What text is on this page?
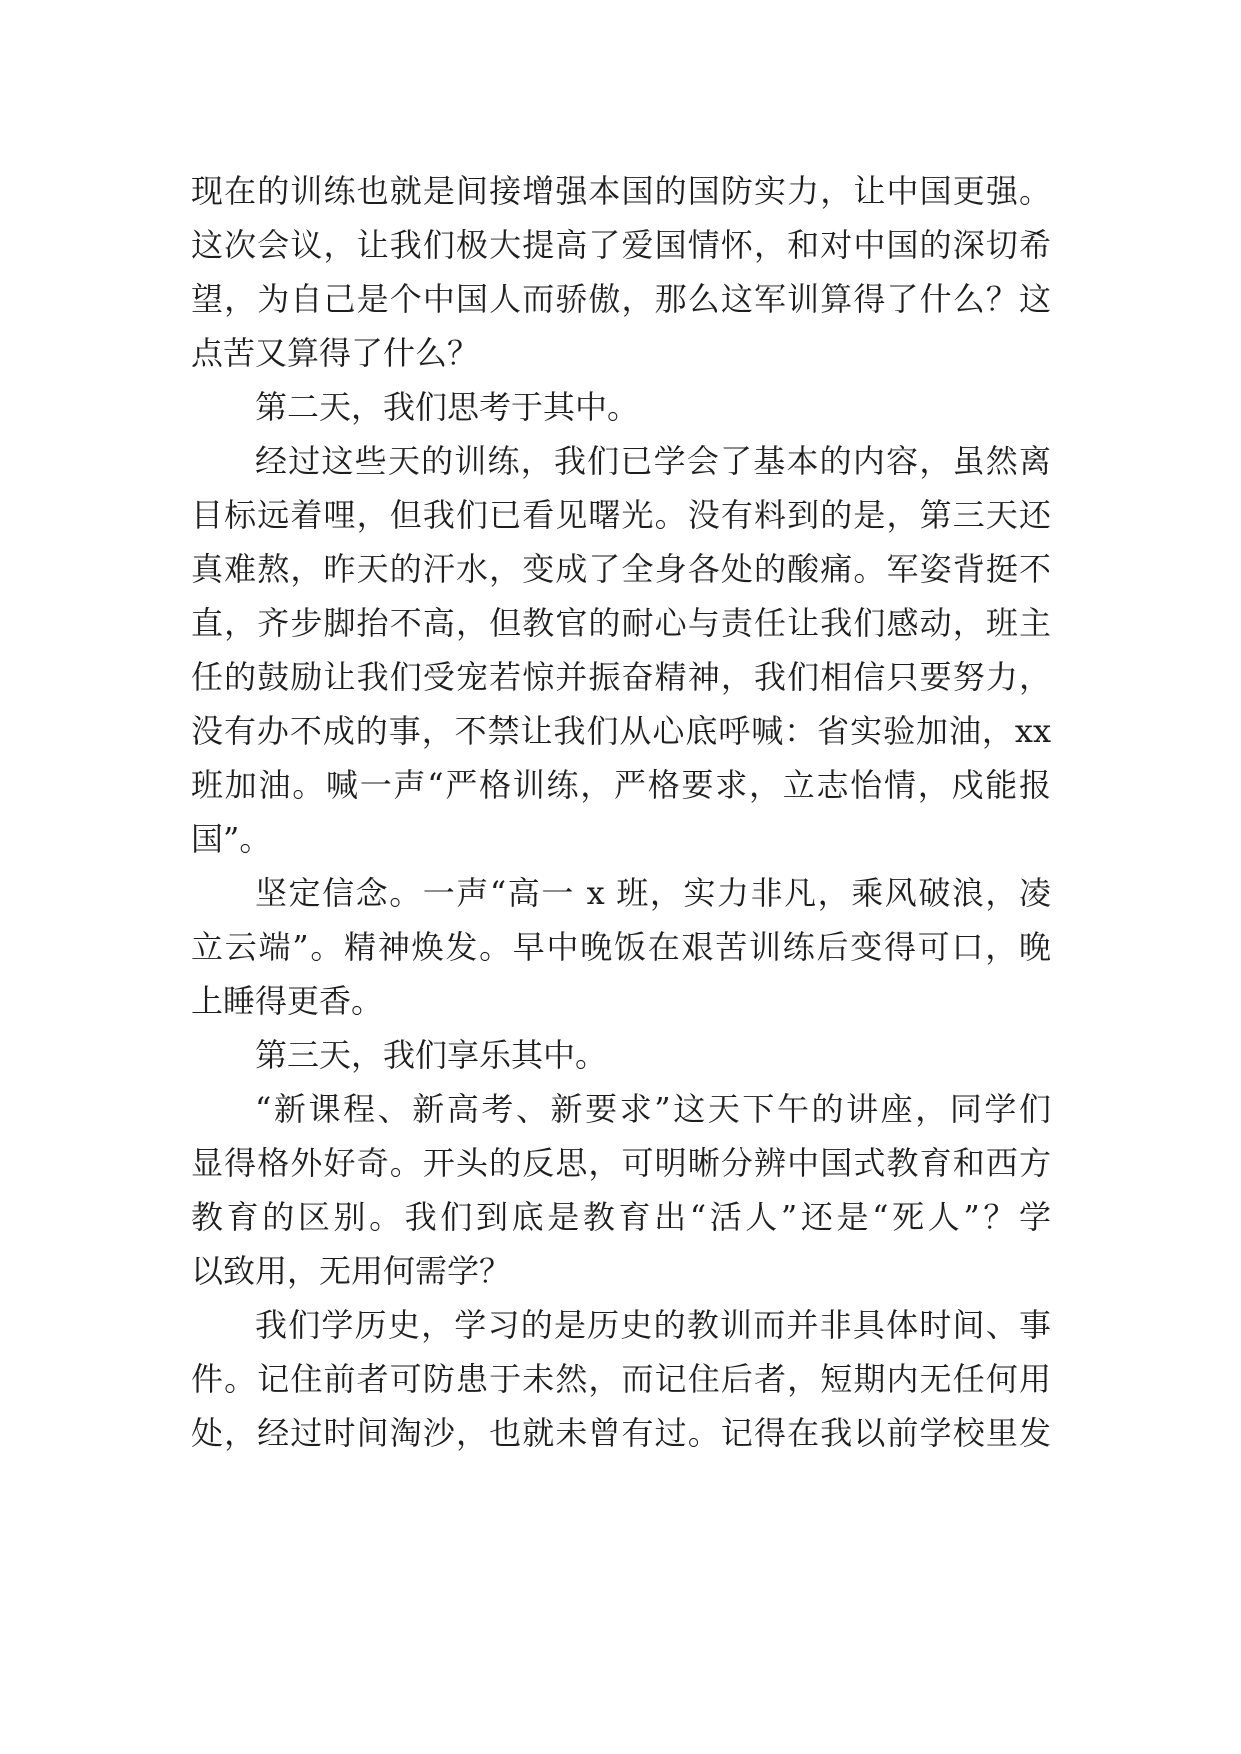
现在的训练也就是间接增强本国的国防实力，让中国更强。
这次会议，让我们极大提高了爱国情怀，和对中国的深切希
望，为自己是个中国人而骄傲，那么这军训算得了什么？这
点苦又算得了什么？
第二天，我们思考于其中。
经过这些天的训练，我们已学会了基本的内容，虽然离
目标远着哩，但我们已看见曙光。没有料到的是，第三天还
真难熬，昨天的汗水，变成了全身各处的酸痛。军姿背挺不
直，齐步脚抬不高，但教官的耐心与责任让我们感动，班主
任的鼓励让我们受宠若惊并振奋精神，我们相信只要努力，
没有办不成的事，不禁让我们从心底呼喊：省实验加油，xx
班加油。喊一声“严格训练，严格要求，立志怡情，戍能报
国”。
坚定信念。一声“高一 x 班，实力非凡，乘风破浪，凌
立云端”。精神焕发。早中晚饭在艰苦训练后变得可口，晚
上睡得更香。
第三天，我们享乐其中。
“新课程、新高考、新要求”这天下午的讲座，同学们
显得格外好奇。开头的反思，可明晰分辨中国式教育和西方
教育的区别。我们到底是教育出“活人”还是“死人”？学
以致用，无用何需学？
我们学历史，学习的是历史的教训而并非具体时间、事
件。记住前者可防患于未然，而记住后者，短期内无任何用
处，经过时间淘沙，也就未曾有过。记得在我以前学校里发
